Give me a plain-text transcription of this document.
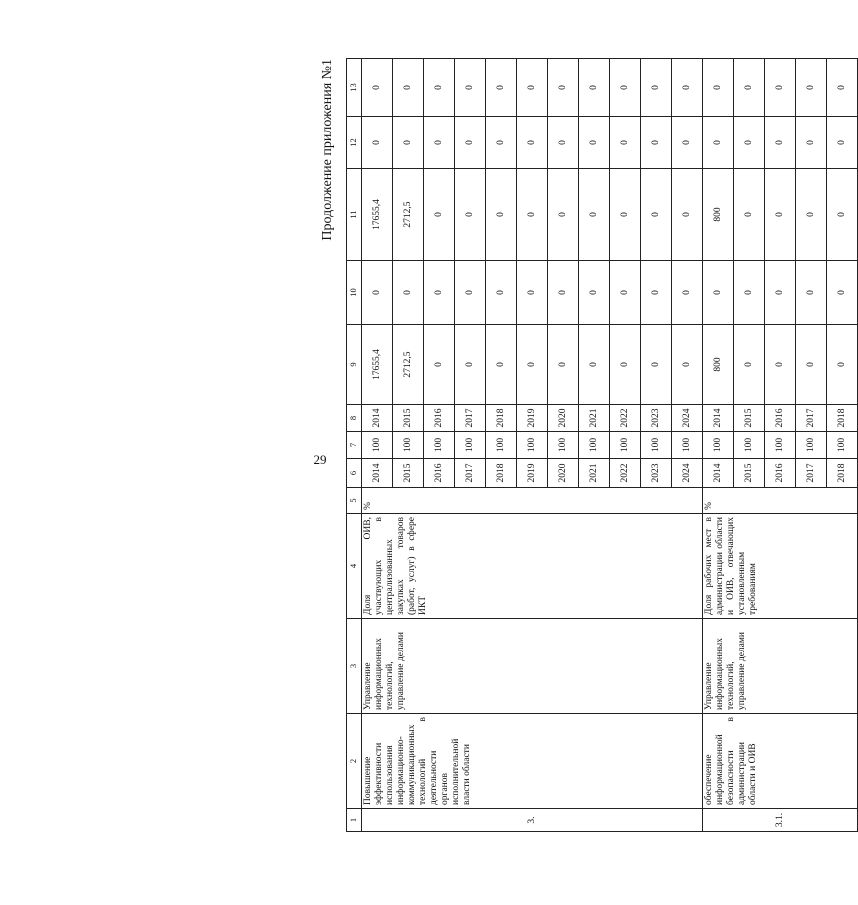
29
Продолжение приложения №1
1	2	3	4	5	6	7	8	9	10	11	12	13
3.	Повышение эффективности использования информационно-коммуникационных технологий в деятельности органов исполнительной власти области	Управление информационных технологий, управление делами	Доля ОИВ, участвующих в централизованных закупках товаров (работ, услуг) в сфере ИКТ	%	2014	100	2014	17655,4	0	17655,4	0	0
					2015	100	2015	2712,5	0	2712,5	0	0
					2016	100	2016	0	0	0	0	0
					2017	100	2017	0	0	0	0	0
					2018	100	2018	0	0	0	0	0
					2019	100	2019	0	0	0	0	0
					2020	100	2020	0	0	0	0	0
					2021	100	2021	0	0	0	0	0
					2022	100	2022	0	0	0	0	0
					2023	100	2023	0	0	0	0	0
					2024	100	2024	0	0	0	0	0
3.1.	обеспечение информационной безопасности в администрации области и ОИВ	Управление информационных технологий, управление делами	Доля рабочих мест в администрации области и ОИВ, отвечающих установленным требованиям	%	2014	100	2014	800	0	800	0	0
					2015	100	2015	0	0	0	0	0
					2016	100	2016	0	0	0	0	0
					2017	100	2017	0	0	0	0	0
					2018	100	2018	0	0	0	0	0
